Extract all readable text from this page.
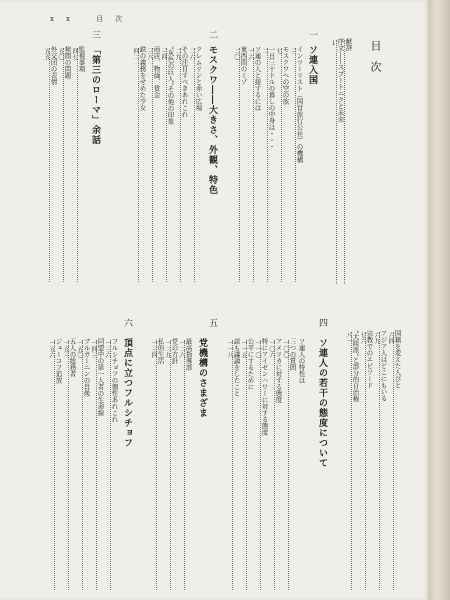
xx 目次
目次
献辞
序文――スプートニクと未来
ⅰ
一
ソ連入国
インツーリスト（国営旅行公社）の機構
三
モスクワへの空の旅
七
一日三十ドルの暮しの中身は・・・
二
ソ連の人と接するには
一六
東西間のミゾ
二〇
二
モスクワ――大きさ、外観、特色
クレムリンと赤い広場
二六
その注目すべきあれこれ
二九
“灰色の巨人”その他の印象
三四
商店、物価、賃金
三八
鉄の義務をせめた少女
四二
三
「第三のローマ」余話
監視事項
四七
検閲の問題
五〇
外交団の表情
五五
四
国籍を変えた人びと
六四
アジア人はどこにもいる
六九
宗教でのエピソード
七六
“大陸派”と部分的自治権
八一
ソ連人の若干の態度について
ソ連人の特性は
三つの質問
一〇〇
アメリカに対する態度
一〇六
特にアイゼンハワーに対する態度
一一〇
公平にするために
一一五
談も議論をしたこと
一一八
五
党機構のさまざま
最高指導部
一二六
党の方針
一二九
私的生活
一三四
六
頂点に立つフルシチョフ
フルシチョフの個性あれこれ
一三六
同盟中の第一人者の生命線
一四三
ブルガーニンの肖像
一五〇
五人の総務者
一五三
ジューコフ追放
一五六
